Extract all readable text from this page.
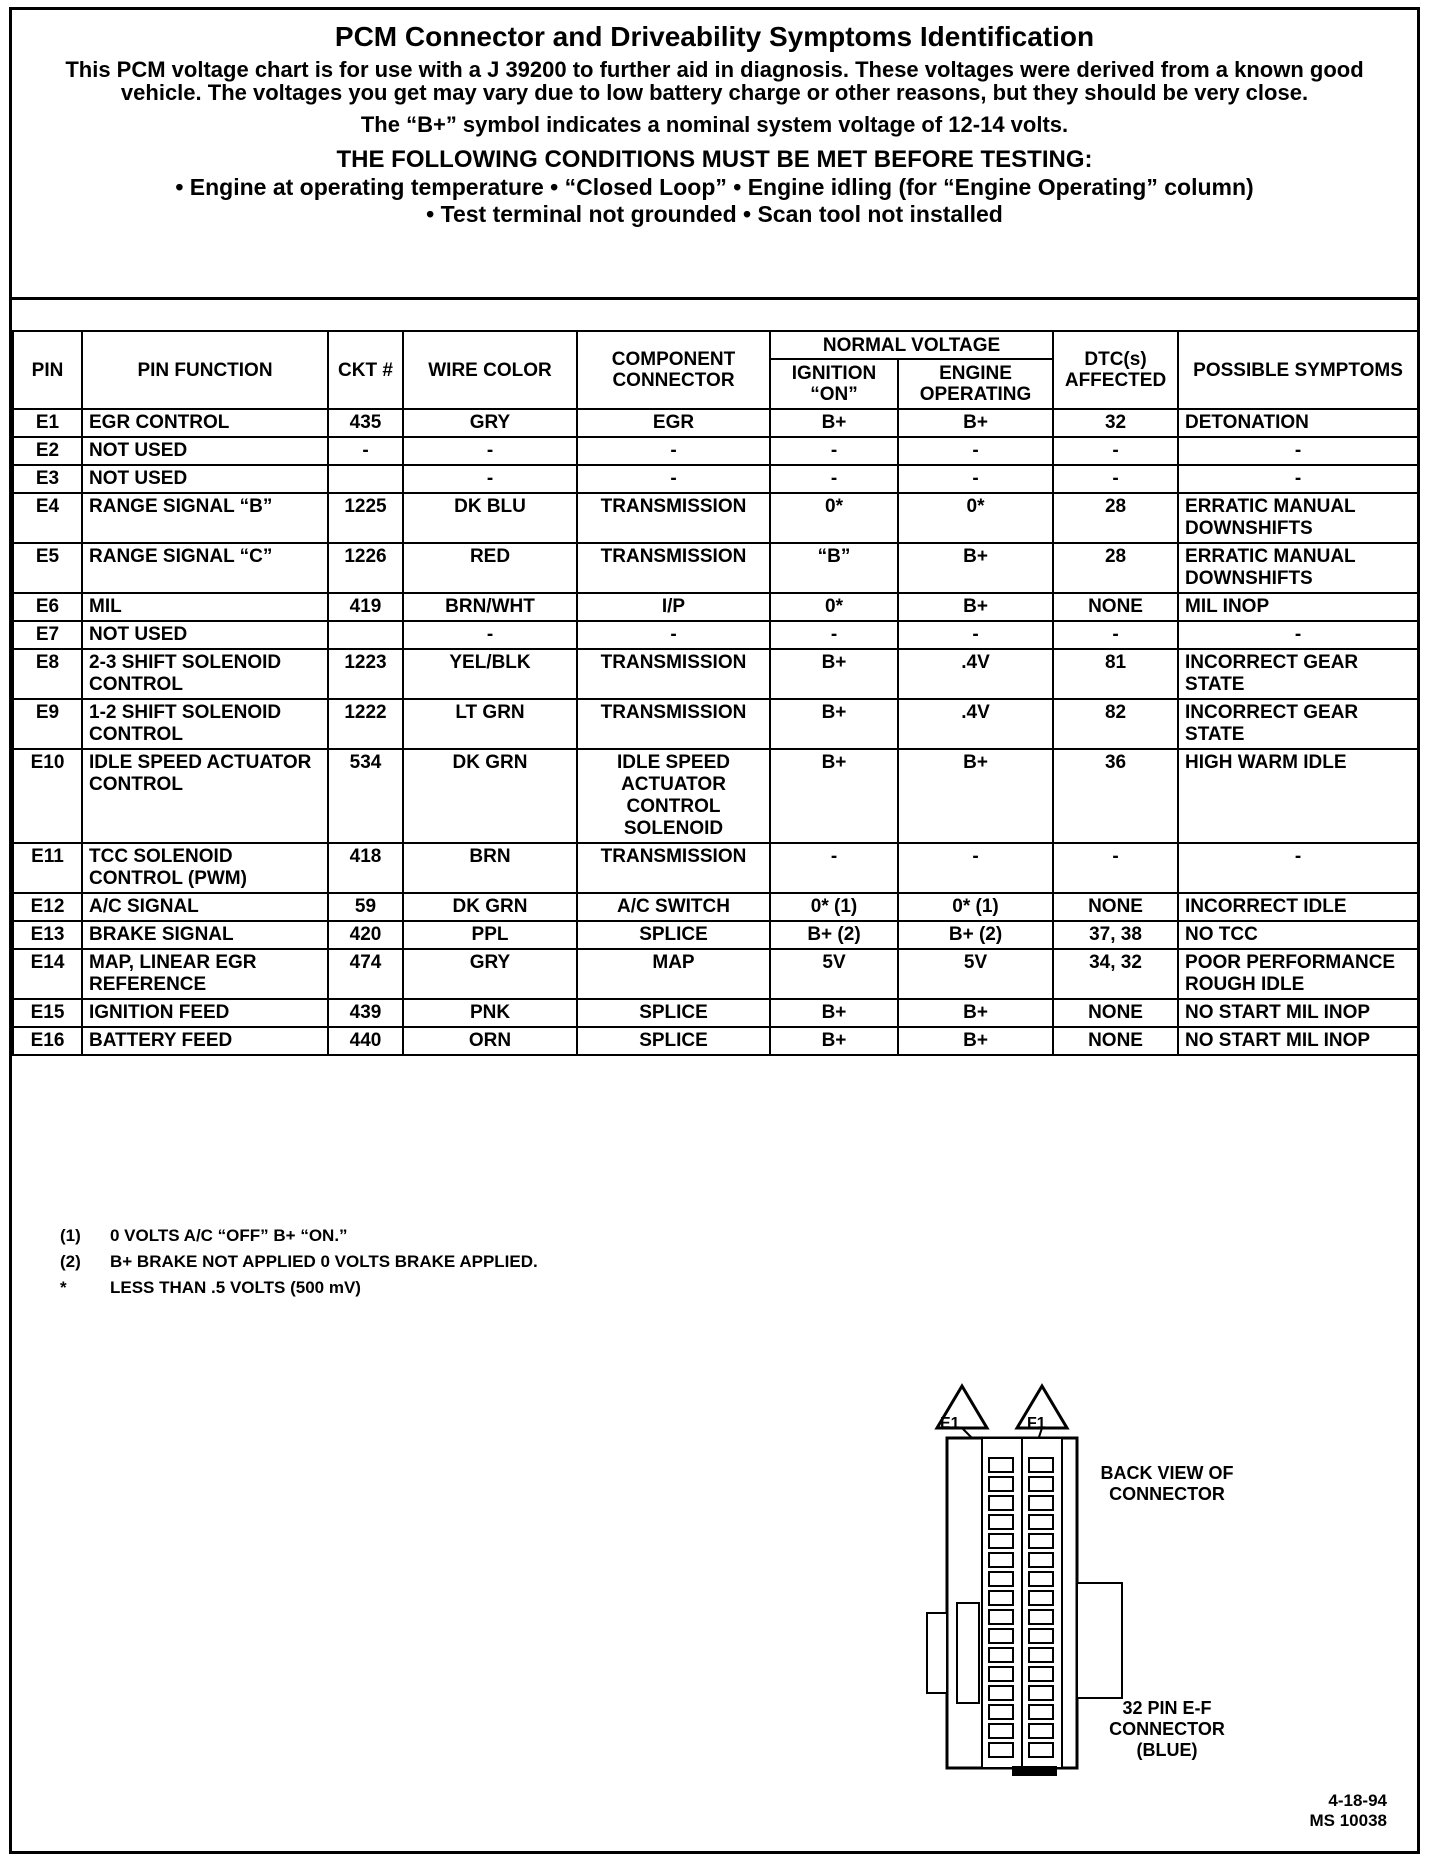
PCM Connector and Driveability Symptoms Identification
This PCM voltage chart is for use with a J 39200 to further aid in diagnosis. These voltages were derived from a known good vehicle. The voltages you get may vary due to low battery charge or other reasons, but they should be very close.
The “B+” symbol indicates a nominal system voltage of 12-14 volts.
THE FOLLOWING CONDITIONS MUST BE MET BEFORE TESTING:
• Engine at operating temperature • “Closed Loop” • Engine idling (for “Engine Operating” column)
• Test terminal not grounded • Scan tool not installed
PIN	PIN FUNCTION	CKT #	WIRE COLOR	COMPONENT CONNECTOR	NORMAL VOLTAGE		DTC(s) AFFECTED	POSSIBLE SYMPTOMS
					IGNITION “ON”	ENGINE OPERATING		
E1	EGR CONTROL	435	GRY	EGR	B+	B+	32	DETONATION
E2	NOT USED	-	-	-	-	-	-	-
E3	NOT USED		-	-	-	-	-	-
E4	RANGE SIGNAL “B”	1225	DK BLU	TRANSMISSION	0*	0*	28	ERRATIC MANUAL DOWNSHIFTS
E5	RANGE SIGNAL “C”	1226	RED	TRANSMISSION	“B”	B+	28	ERRATIC MANUAL DOWNSHIFTS
E6	MIL	419	BRN/WHT	I/P	0*	B+	NONE	MIL INOP
E7	NOT USED		-	-	-	-	-	-
E8	2-3 SHIFT SOLENOID CONTROL	1223	YEL/BLK	TRANSMISSION	B+	.4V	81	INCORRECT GEAR STATE
E9	1-2 SHIFT SOLENOID CONTROL	1222	LT GRN	TRANSMISSION	B+	.4V	82	INCORRECT GEAR STATE
E10	IDLE SPEED ACTUATOR CONTROL	534	DK GRN	IDLE SPEED ACTUATOR CONTROL SOLENOID	B+	B+	36	HIGH WARM IDLE
E11	TCC SOLENOID CONTROL (PWM)	418	BRN	TRANSMISSION	-	-	-	-
E12	A/C SIGNAL	59	DK GRN	A/C SWITCH	0* (1)	0* (1)	NONE	INCORRECT IDLE
E13	BRAKE SIGNAL	420	PPL	SPLICE	B+ (2)	B+ (2)	37, 38	NO TCC
E14	MAP, LINEAR EGR REFERENCE	474	GRY	MAP	5V	5V	34, 32	POOR PERFORMANCE ROUGH IDLE
E15	IGNITION FEED	439	PNK	SPLICE	B+	B+	NONE	NO START MIL INOP
E16	BATTERY FEED	440	ORN	SPLICE	B+	B+	NONE	NO START MIL INOP
(1)	0 VOLTS A/C “OFF” B+ “ON.”
(2)	B+ BRAKE NOT APPLIED 0 VOLTS BRAKE APPLIED.
*	LESS THAN .5 VOLTS (500 mV)
E1	F1
BACK VIEW OF CONNECTOR
32 PIN E-F CONNECTOR (BLUE)
4-18-94
MS 10038
